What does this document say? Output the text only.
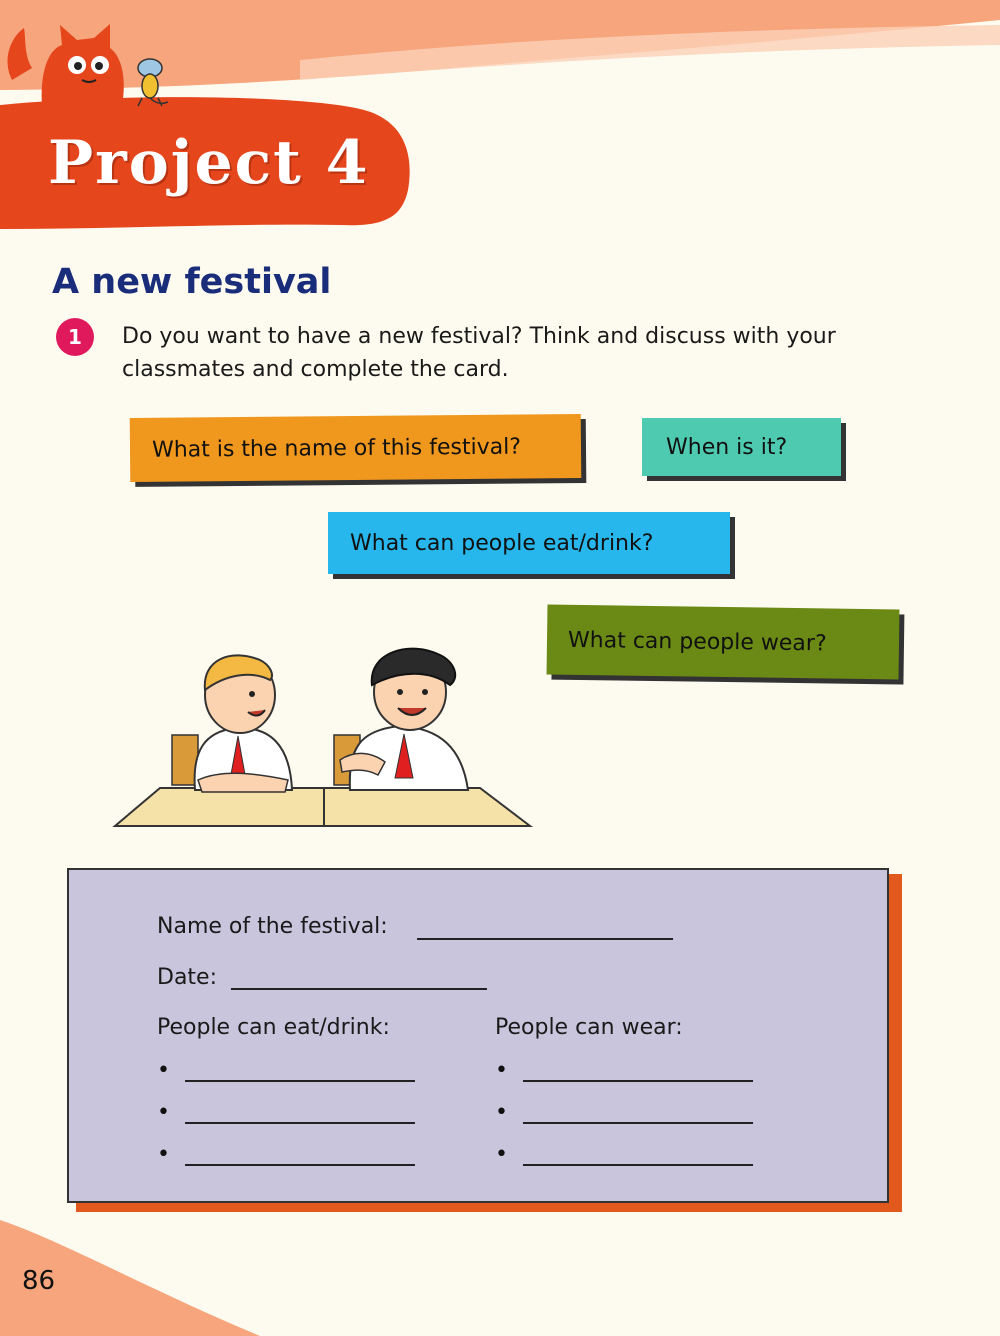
Project 4
A new festival
1	Do you want to have a new festival? Think and discuss with your classmates and complete the card.
What is the name of this festival?	When is it?
What can people eat/drink?
What can people wear?
Name of the festival:
Date:
People can eat/drink:	People can wear:
•
•
•
•
•
•
86
